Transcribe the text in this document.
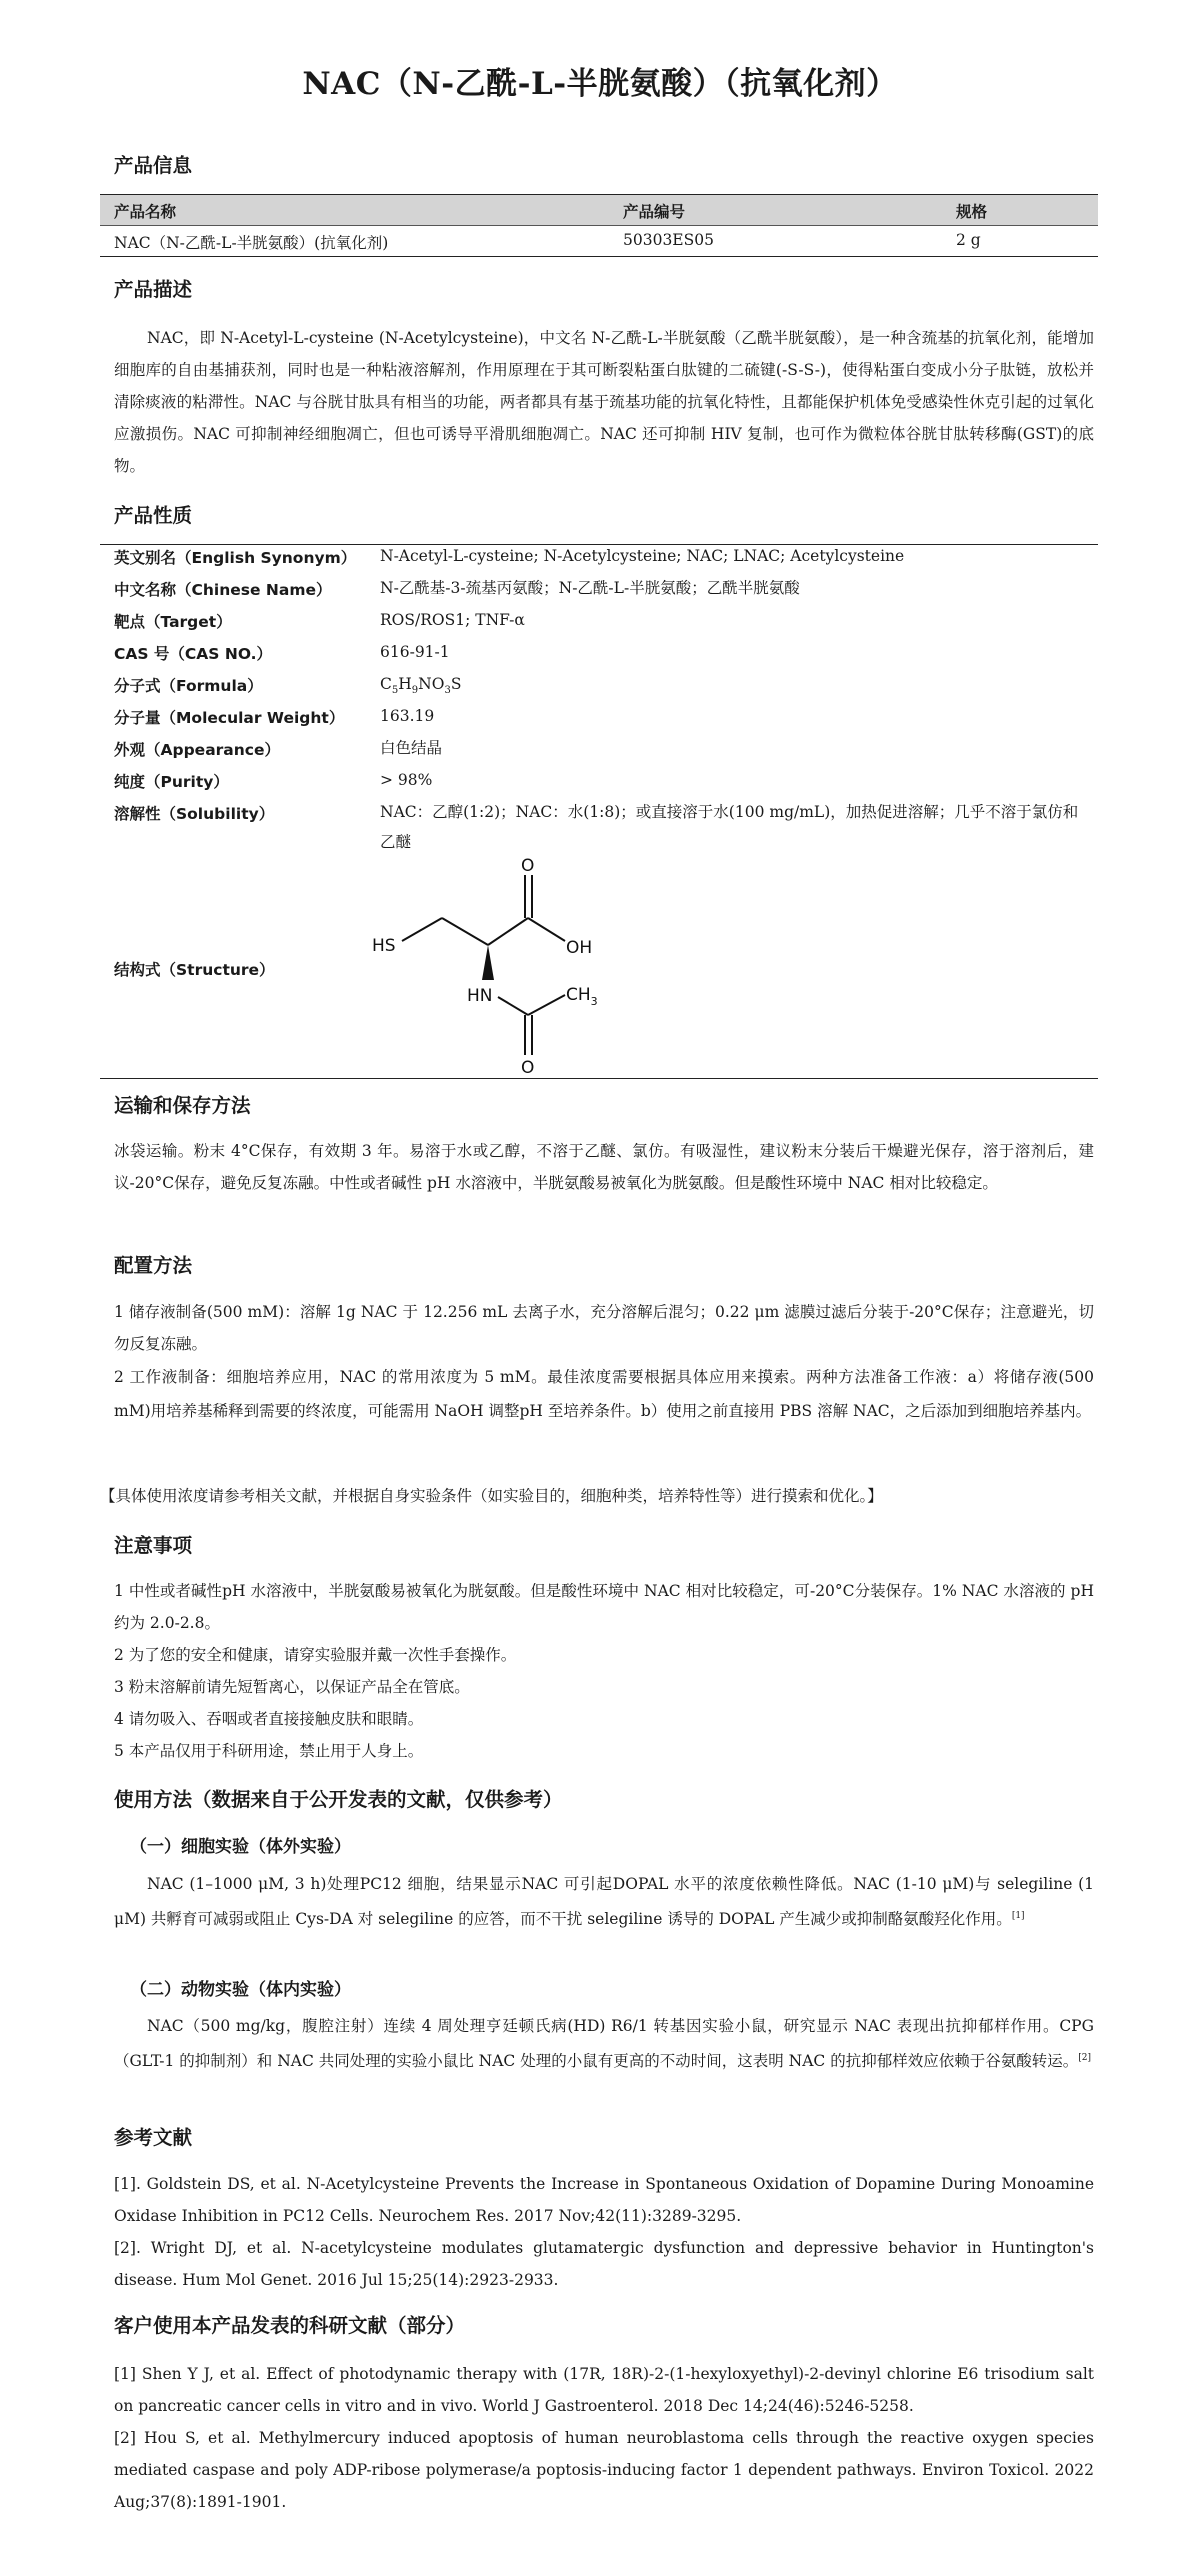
NAC（N-乙酰-L-半胱氨酸）（抗氧化剂）
产品信息
产品名称	产品编号	规格
NAC（N-乙酰-L-半胱氨酸）(抗氧化剂)	50303ES05	2 g
产品描述
NAC，即 N-Acetyl-L-cysteine (N-Acetylcysteine)，中文名 N-乙酰-L-半胱氨酸（乙酰半胱氨酸），是一种含巯基的抗氧化剂，能增加细胞库的自由基捕获剂，同时也是一种粘液溶解剂，作用原理在于其可断裂粘蛋白肽键的二硫键(-S-S-)，使得粘蛋白变成小分子肽链，放松并清除痰液的粘滞性。NAC 与谷胱甘肽具有相当的功能，两者都具有基于巯基功能的抗氧化特性，且都能保护机体免受感染性休克引起的过氧化应激损伤。NAC 可抑制神经细胞凋亡，但也可诱导平滑肌细胞凋亡。NAC 还可抑制 HIV 复制，也可作为微粒体谷胱甘肽转移酶(GST)的底物。
产品性质
英文别名（English Synonym） N-Acetyl-L-cysteine; N-Acetylcysteine; NAC; LNAC; Acetylcysteine
中文名称（Chinese Name）	N-乙酰基-3-巯基丙氨酸；N-乙酰-L-半胱氨酸；乙酰半胱氨酸
靶点（Target）	ROS/ROS1; TNF-α
CAS 号（CAS NO.）	616-91-1
分子式（Formula）	$C_5H_9NO_3S$
分子量（Molecular Weight） 163.19
外观（Appearance）	白色结晶
纯度（Purity）	> 98%
溶解性（Solubility）	NAC：乙醇(1:2)；NAC：水(1:8)；或直接溶于水(100 mg/mL)，加热促进溶解；几乎不溶于氯仿和乙醚
结构式（Structure）
HS
O
OH
HN	$CH_3$
O
运输和保存方法
冰袋运输。粉末 4°C保存，有效期 3 年。易溶于水或乙醇，不溶于乙醚、氯仿。有吸湿性，建议粉末分装后干燥避光保存，溶于溶剂后，建议-20°C保存，避免反复冻融。中性或者碱性 pH 水溶液中，半胱氨酸易被氧化为胱氨酸。但是酸性环境中 NAC 相对比较稳定。
配置方法
1 储存液制备(500 mM)：溶解 1g NAC 于 12.256 mL 去离子水，充分溶解后混匀；0.22 μm 滤膜过滤后分装于-20°C保存；注意避光，切勿反复冻融。
2 工作液制备：细胞培养应用，NAC 的常用浓度为 5 mM。最佳浓度需要根据具体应用来摸索。两种方法准备工作液：a）将储存液(500 mM)用培养基稀释到需要的终浓度，可能需用 NaOH 调整pH 至培养条件。b）使用之前直接用 PBS 溶解 NAC，之后添加到细胞培养基内。
【具体使用浓度请参考相关文献，并根据自身实验条件（如实验目的，细胞种类，培养特性等）进行摸索和优化。】
注意事项
1 中性或者碱性pH 水溶液中，半胱氨酸易被氧化为胱氨酸。但是酸性环境中 NAC 相对比较稳定，可-20°C分装保存。1% NAC 水溶液的 pH 约为 2.0-2.8。
2 为了您的安全和健康，请穿实验服并戴一次性手套操作。
3 粉末溶解前请先短暂离心，以保证产品全在管底。
4 请勿吸入、吞咽或者直接接触皮肤和眼睛。
5 本产品仅用于科研用途，禁止用于人身上。
使用方法（数据来自于公开发表的文献，仅供参考）
（一）细胞实验（体外实验）
NAC (1–1000 μM, 3 h)处理PC12 细胞，结果显示NAC 可引起DOPAL 水平的浓度依赖性降低。NAC (1-10 μM)与 selegiline (1 μM) 共孵育可减弱或阻止 Cys-DA 对 selegiline 的应答，而不干扰 selegiline 诱导的 DOPAL 产生减少或抑制酪氨酸羟化作用。[1]
（二）动物实验（体内实验）
NAC（500 mg/kg，腹腔注射）连续 4 周处理亨廷顿氏病(HD) R6/1 转基因实验小鼠，研究显示 NAC 表现出抗抑郁样作用。CPG（GLT-1 的抑制剂）和 NAC 共同处理的实验小鼠比 NAC 处理的小鼠有更高的不动时间，这表明 NAC 的抗抑郁样效应依赖于谷氨酸转运。[2]
参考文献
[1]. Goldstein DS, et al. N-Acetylcysteine Prevents the Increase in Spontaneous Oxidation of Dopamine During Monoamine Oxidase Inhibition in PC12 Cells. Neurochem Res. 2017 Nov;42(11):3289-3295.
[2]. Wright DJ, et al. N-acetylcysteine modulates glutamatergic dysfunction and depressive behavior in Huntington's disease. Hum Mol Genet. 2016 Jul 15;25(14):2923-2933.
客户使用本产品发表的科研文献（部分）
[1] Shen Y J, et al. Effect of photodynamic therapy with (17R, 18R)-2-(1-hexyloxyethyl)-2-devinyl chlorine E6 trisodium salt on pancreatic cancer cells in vitro and in vivo. World J Gastroenterol. 2018 Dec 14;24(46):5246-5258.
[2] Hou S, et al. Methylmercury induced apoptosis of human neuroblastoma cells through the reactive oxygen species mediated caspase and poly ADP-ribose polymerase/a poptosis-inducing factor 1 dependent pathways. Environ Toxicol. 2022 Aug;37(8):1891-1901.
